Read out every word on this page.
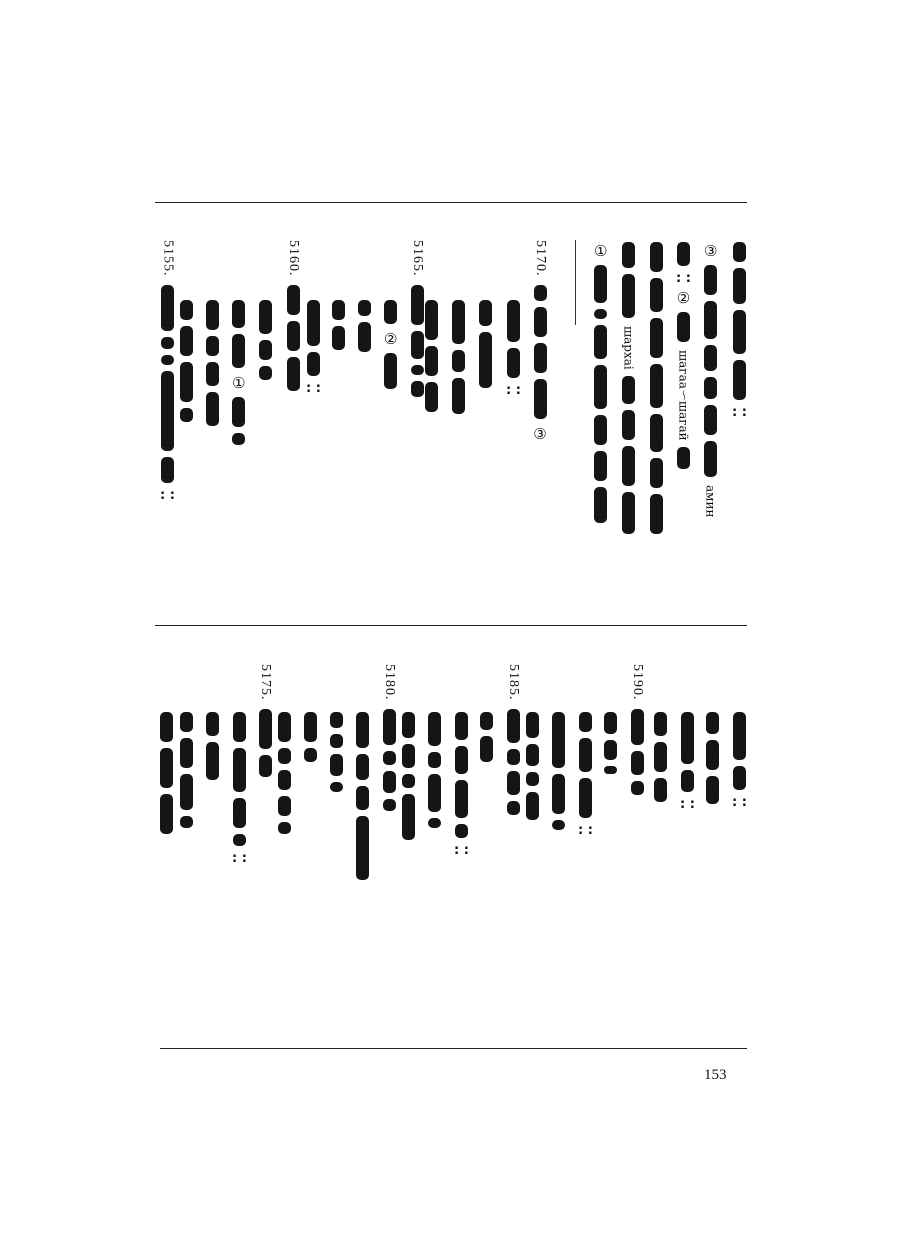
①
шархаі
: :
②
шагаа～шагай
③
амин
: :
5170.
③
: :
5165.
②
: :
5160.
①
5155.
: :
: :
: :
5190.
: :
5185.
: :
5180.
5175.
: :
153
